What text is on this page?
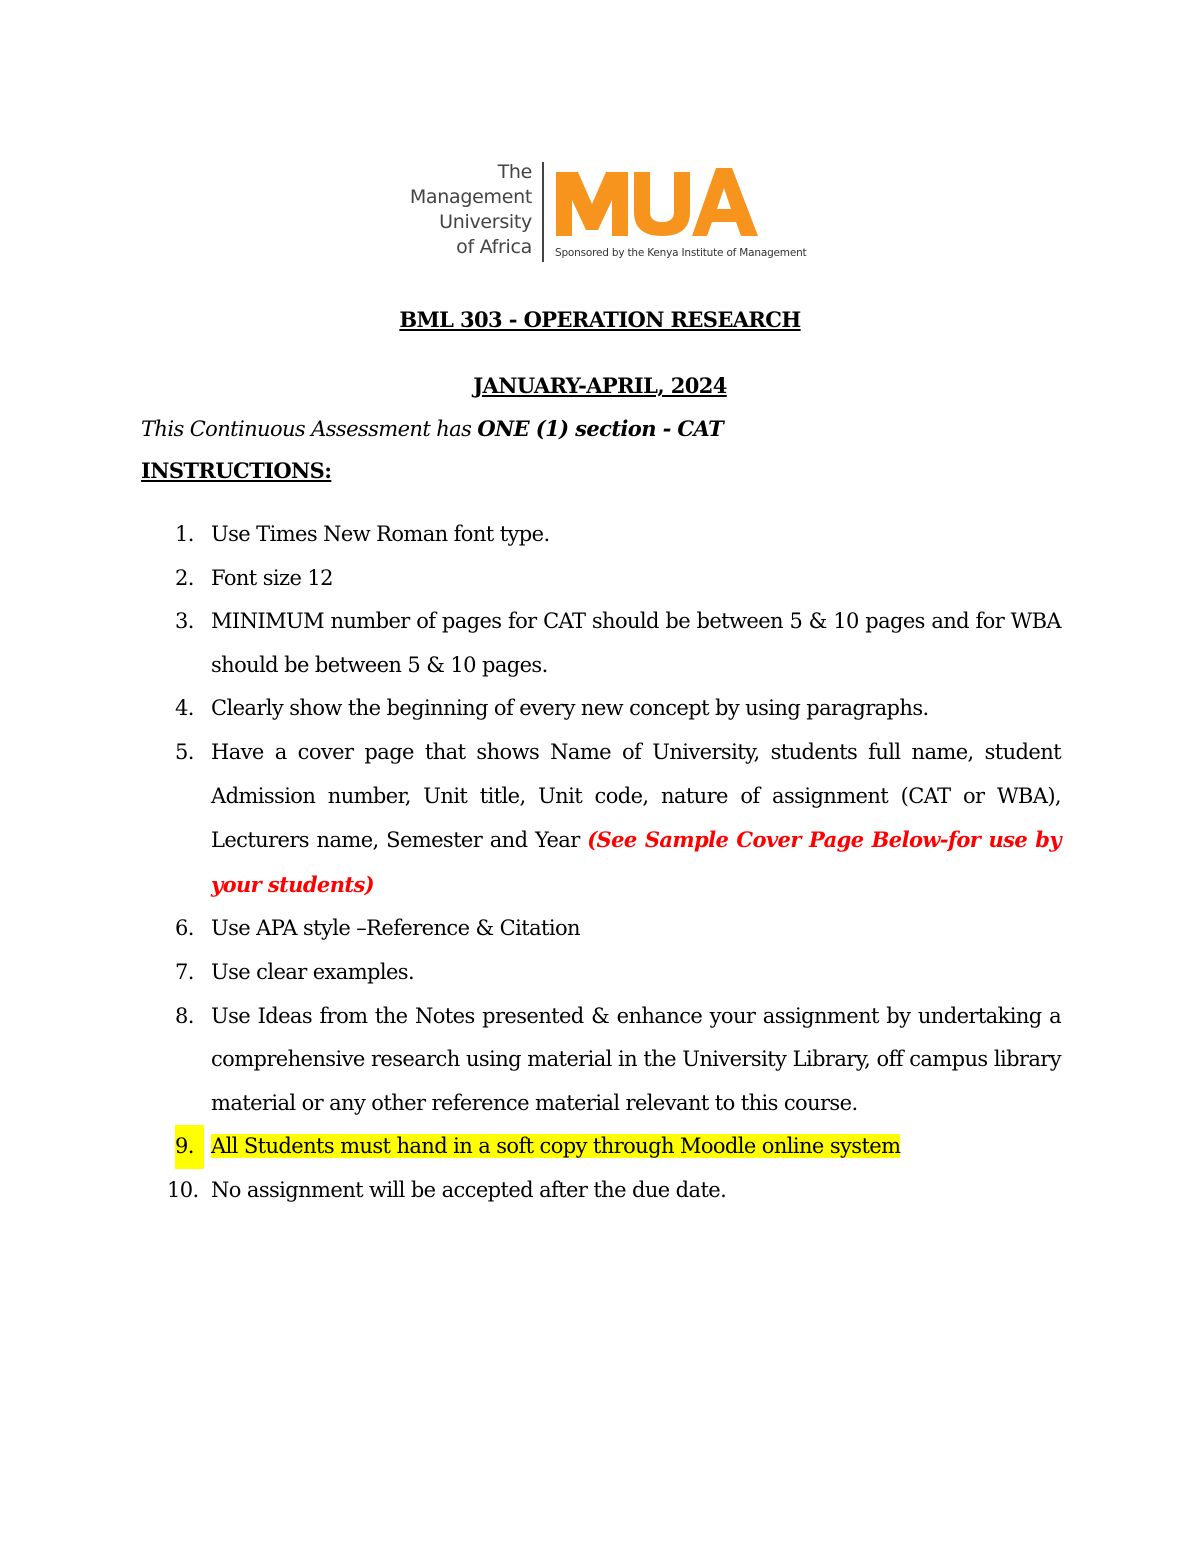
The
Management
University
of Africa Sponsored by the Kenya Institute of Management
BML 303 - OPERATION RESEARCH
JANUARY-APRIL, 2024
This Continuous Assessment has ONE (1) section - CAT
INSTRUCTIONS:
1. Use Times New Roman font type.
2. Font size 12
3. MINIMUM number of pages for CAT should be between 5 & 10 pages and for WBA should be between 5 & 10 pages.
4. Clearly show the beginning of every new concept by using paragraphs.
5. Have a cover page that shows Name of University, students full name, student Admission number, Unit title, Unit code, nature of assignment (CAT or WBA), Lecturers name, Semester and Year (See Sample Cover Page Below-for use by your students)
6. Use APA style –Reference & Citation
7. Use clear examples.
8. Use Ideas from the Notes presented & enhance your assignment by undertaking a comprehensive research using material in the University Library, off campus library material or any other reference material relevant to this course.
9. All Students must hand in a soft copy through Moodle online system
10. No assignment will be accepted after the due date.
